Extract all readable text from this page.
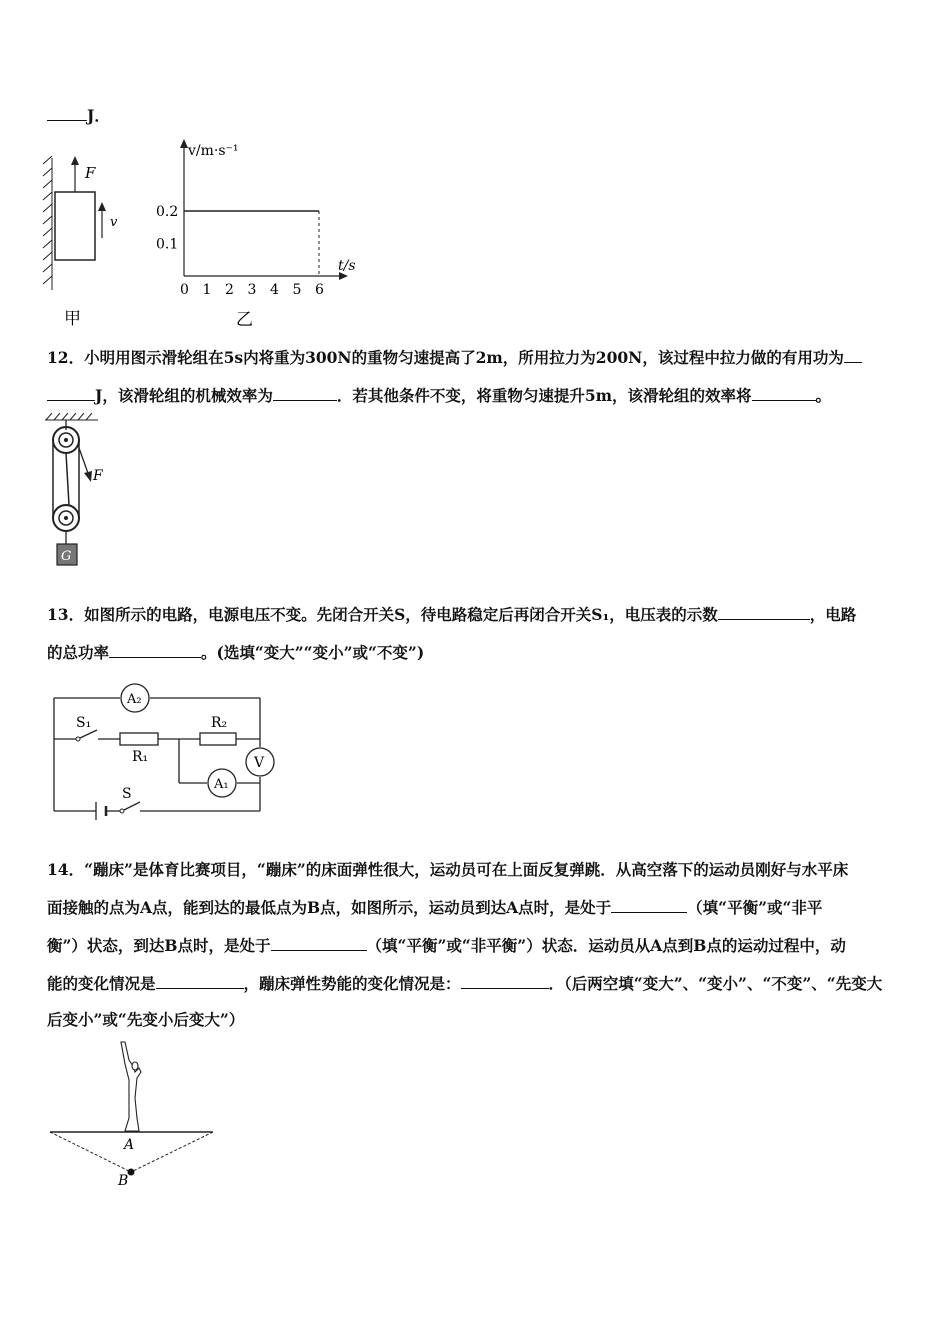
J．
F
v
甲
v/m·s⁻¹
t/s
0 1 2 3 4 5 6
0.1
0.2
乙
12．小明用图示滑轮组在5s内将重为300N的重物匀速提高了2m，所用拉力为200N，该过程中拉力做的有用功为
J，该滑轮组的机械效率为	．若其他条件不变，将重物匀速提升5m，该滑轮组的效率将	。
F
G
13．如图所示的电路，电源电压不变。先闭合开关S，待电路稳定后再闭合开关S₁，电压表的示数	，电路
的总功率	。(选填“变大”“变小”或“不变”)
A₂
S₁
R₁
R₂
V
A₁
S
14．“蹦床”是体育比赛项目，“蹦床”的床面弹性很大，运动员可在上面反复弹跳．从高空落下的运动员刚好与水平床
面接触的点为A点，能到达的最低点为B点，如图所示，运动员到达A点时，是处于	（填“平衡”或“非平
衡”）状态，到达B点时，是处于	（填“平衡”或“非平衡”）状态．运动员从A点到B点的运动过程中，动
能的变化情况是	，蹦床弹性势能的变化情况是：	．（后两空填“变大”、“变小”、“不变”、“先变大
后变小”或“先变小后变大”）
A
B
